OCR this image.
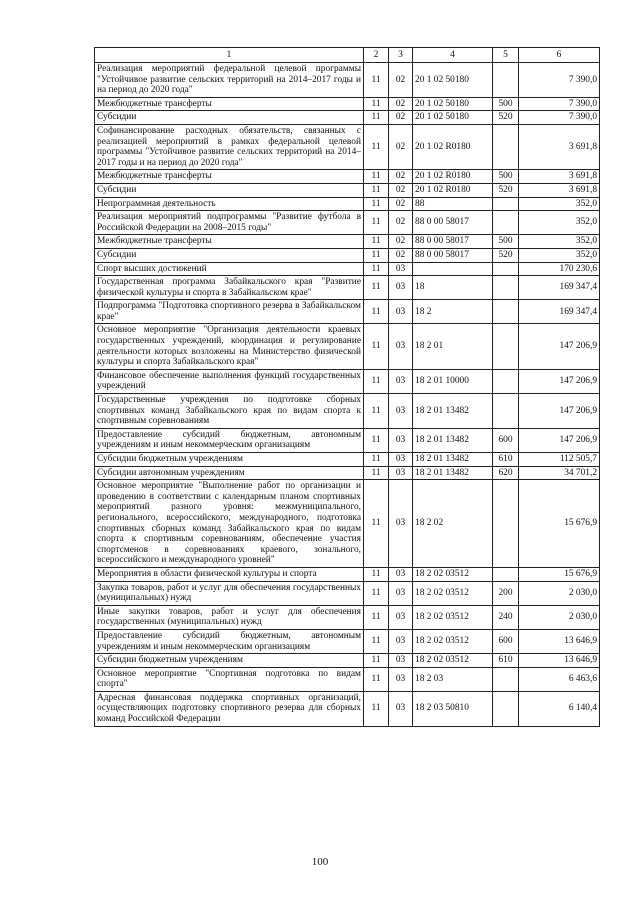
1	2	3	4	5	6
Реализация мероприятий федеральной целевой программы "Устойчивое развитие сельских территорий на 2014–2017 годы и на период до 2020 года"	11	02	20 1 02 50180		7 390,0
Межбюджетные трансферты	11	02	20 1 02 50180	500	7 390,0
Субсидии	11	02	20 1 02 50180	520	7 390,0
Софинансирование расходных обязательств, связанных с реализацией мероприятий в рамках федеральной целевой программы "Устойчивое развитие сельских территорий на 2014–2017 годы и на период до 2020 года"	11	02	20 1 02 R0180		3 691,8
Межбюджетные трансферты	11	02	20 1 02 R0180	500	3 691,8
Субсидии	11	02	20 1 02 R0180	520	3 691,8
Непрограммная деятельность	11	02	88		352,0
Реализация мероприятий подпрограммы "Развитие футбола в Российской Федерации на 2008–2015 годы"	11	02	88 0 00 58017		352,0
Межбюджетные трансферты	11	02	88 0 00 58017	500	352,0
Субсидии	11	02	88 0 00 58017	520	352,0
Спорт высших достижений	11	03			170 230,6
Государственная программа Забайкальского края "Развитие физической культуры и спорта в Забайкальском крае"	11	03	18		169 347,4
Подпрограмма "Подготовка спортивного резерва в Забайкальском крае"	11	03	18 2		169 347,4
Основное мероприятие "Организация деятельности краевых государственных учреждений, координация и регулирование деятельности которых возложены на Министерство физической культуры и спорта Забайкальского края"	11	03	18 2 01		147 206,9
Финансовое обеспечение выполнения функций государственных учреждений	11	03	18 2 01 10000		147 206,9
Государственные учреждения по подготовке сборных спортивных команд Забайкальского края по видам спорта к спортивным соревнованиям	11	03	18 2 01 13482		147 206,9
Предоставление субсидий бюджетным, автономным учреждениям и иным некоммерческим организациям	11	03	18 2 01 13482	600	147 206,9
Субсидии бюджетным учреждениям	11	03	18 2 01 13482	610	112 505,7
Субсидии автономным учреждениям	11	03	18 2 01 13482	620	34 701,2
Основное мероприятие "Выполнение работ по организации и проведению в соответствии с календарным планом спортивных мероприятий разного уровня: межмуниципального, регионального, всероссийского, международного, подготовка спортивных сборных команд Забайкальского края по видам спорта к спортивным соревнованиям, обеспечение участия спортсменов в соревнованиях краевого, зонального, всероссийского и международного уровней"	11	03	18 2 02		15 676,9
Мероприятия в области физической культуры и спорта	11	03	18 2 02 03512		15 676,9
Закупка товаров, работ и услуг для обеспечения государственных (муниципальных) нужд	11	03	18 2 02 03512	200	2 030,0
Иные закупки товаров, работ и услуг для обеспечения государственных (муниципальных) нужд	11	03	18 2 02 03512	240	2 030,0
Предоставление субсидий бюджетным, автономным учреждениям и иным некоммерческим организациям	11	03	18 2 02 03512	600	13 646,9
Субсидии бюджетным учреждениям	11	03	18 2 02 03512	610	13 646,9
Основное мероприятие "Спортивная подготовка по видам спорта"	11	03	18 2 03		6 463,6
Адресная финансовая поддержка спортивных организаций, осуществляющих подготовку спортивного резерва для сборных команд Российской Федерации	11	03	18 2 03 50810		6 140,4
100
